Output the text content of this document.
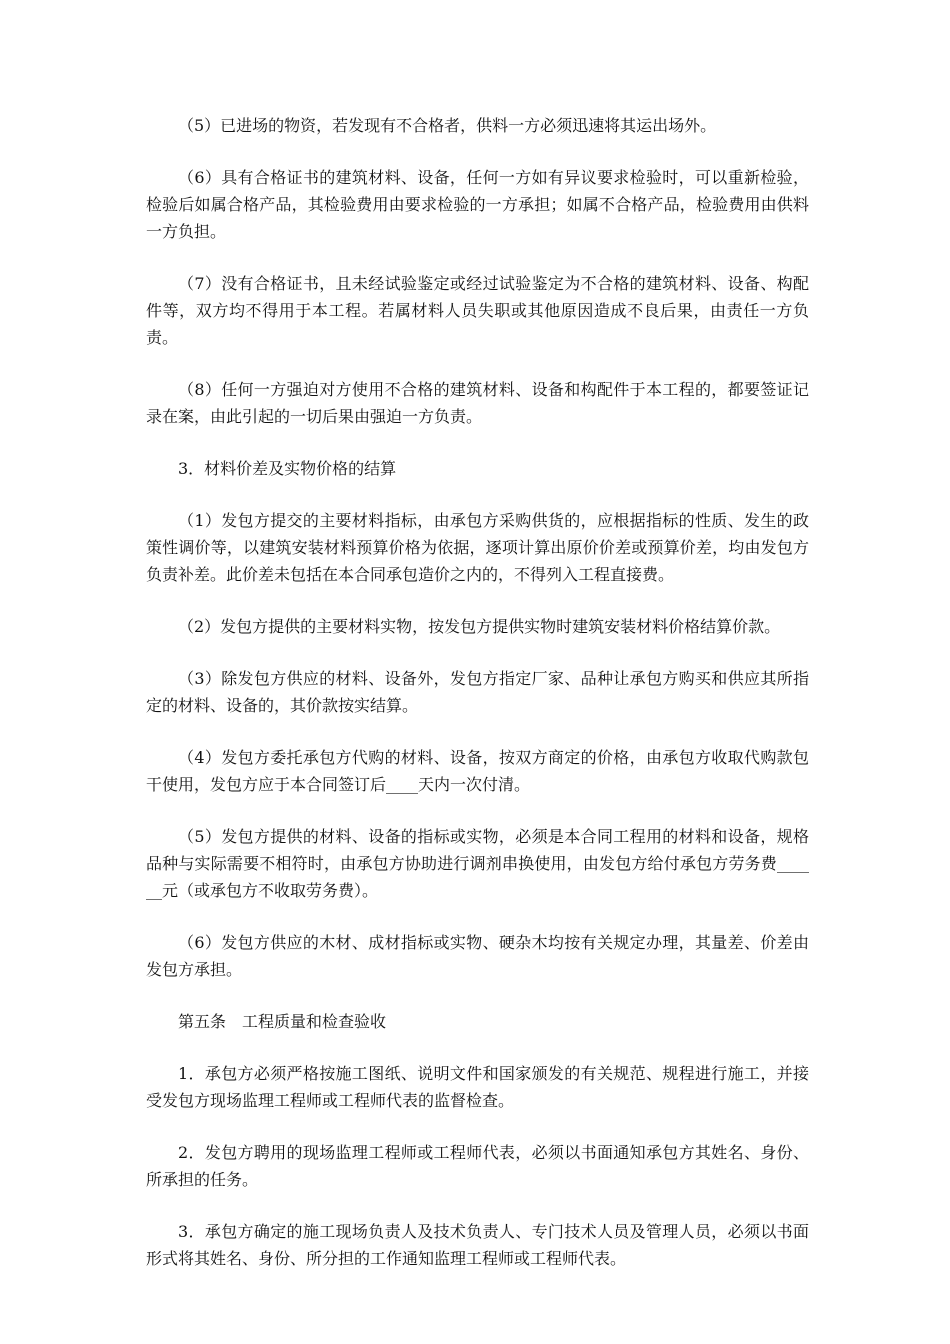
（5）已进场的物资，若发现有不合格者，供料一方必须迅速将其运出场外。

（6）具有合格证书的建筑材料、设备，任何一方如有异议要求检验时，可以重新检验，检验后如属合格产品，其检验费用由要求检验的一方承担；如属不合格产品，检验费用由供料一方负担。

（7）没有合格证书，且未经试验鉴定或经过试验鉴定为不合格的建筑材料、设备、构配件等，双方均不得用于本工程。若属材料人员失职或其他原因造成不良后果，由责任一方负责。

（8）任何一方强迫对方使用不合格的建筑材料、设备和构配件于本工程的，都要签证记录在案，由此引起的一切后果由强迫一方负责。

3．材料价差及实物价格的结算

（1）发包方提交的主要材料指标，由承包方采购供货的，应根据指标的性质、发生的政策性调价等，以建筑安装材料预算价格为依据，逐项计算出原价价差或预算价差，均由发包方负责补差。此价差未包括在本合同承包造价之内的，不得列入工程直接费。

（2）发包方提供的主要材料实物，按发包方提供实物时建筑安装材料价格结算价款。

（3）除发包方供应的材料、设备外，发包方指定厂家、品种让承包方购买和供应其所指定的材料、设备的，其价款按实结算。

（4）发包方委托承包方代购的材料、设备，按双方商定的价格，由承包方收取代购款包干使用，发包方应于本合同签订后____天内一次付清。

（5）发包方提供的材料、设备的指标或实物，必须是本合同工程用的材料和设备，规格品种与实际需要不相符时，由承包方协助进行调剂串换使用，由发包方给付承包方劳务费______元（或承包方不收取劳务费）。

（6）发包方供应的木材、成材指标或实物、硬杂木均按有关规定办理，其量差、价差由发包方承担。

第五条　工程质量和检查验收

1．承包方必须严格按施工图纸、说明文件和国家颁发的有关规范、规程进行施工，并接受发包方现场监理工程师或工程师代表的监督检查。

2．发包方聘用的现场监理工程师或工程师代表，必须以书面通知承包方其姓名、身份、所承担的任务。

3．承包方确定的施工现场负责人及技术负责人、专门技术人员及管理人员，必须以书面形式将其姓名、身份、所分担的工作通知监理工程师或工程师代表。
